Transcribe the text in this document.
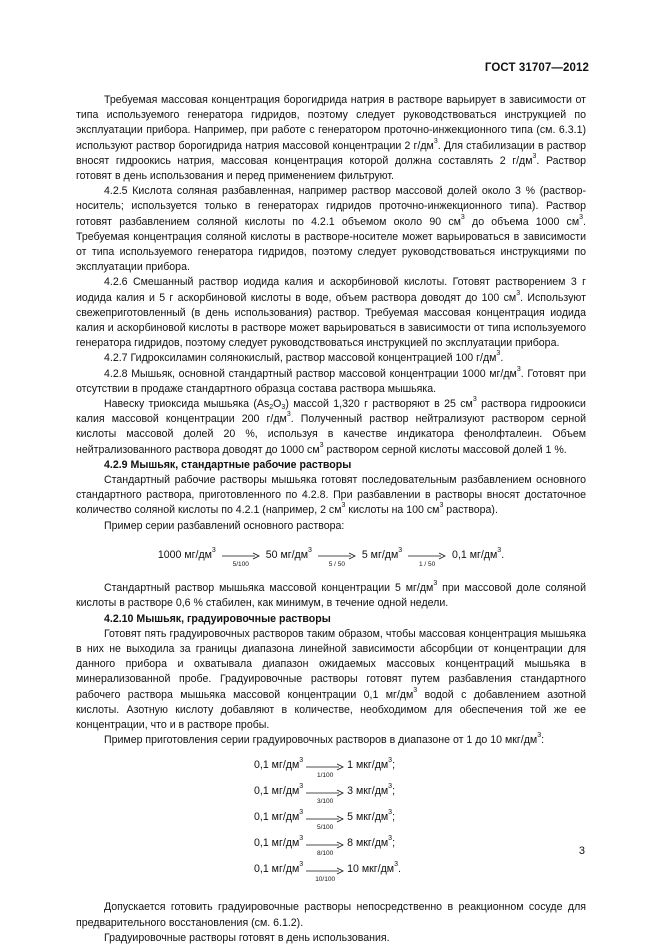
ГОСТ 31707—2012

Требуемая массовая концентрация борогидрида натрия в растворе варьирует в зависимости от типа используемого генератора гидридов, поэтому следует руководствоваться инструкцией по эксплуатации прибора. Например, при работе с генератором проточно-инжекционного типа (см. 6.3.1) используют раствор борогидрида натрия массовой концентрации 2 $г/дм^3$. Для стабилизации в раствор вносят гидроокись натрия, массовая концентрация которой должна составлять 2 $г/дм^3$. Раствор готовят в день использования и перед применением фильтруют.

4.2.5 Кислота соляная разбавленная, например раствор массовой долей около 3 % (раствор-носитель; используется только в генераторах гидридов проточно-инжекционного типа). Раствор готовят разбавлением соляной кислоты по 4.2.1 объемом около 90 $см^3$ до объема 1000 $см^3$. Требуемая концентрация соляной кислоты в растворе-носителе может варьироваться в зависимости от типа используемого генератора гидридов, поэтому следует руководствоваться инструкциями по эксплуатации прибора.

4.2.6 Смешанный раствор иодида калия и аскорбиновой кислоты. Готовят растворением 3 г иодида калия и 5 г аскорбиновой кислоты в воде, объем раствора доводят до 100 $см^3$. Используют свежеприготовленный (в день использования) раствор. Требуемая массовая концентрация иодида калия и аскорбиновой кислоты в растворе может варьироваться в зависимости от типа используемого генератора гидридов, поэтому следует руководствоваться инструкцией по эксплуатации прибора.

4.2.7 Гидроксиламин солянокислый, раствор массовой концентрацией 100 $г/дм^3$.

4.2.8 Мышьяк, основной стандартный раствор массовой концентрации 1000 $мг/дм^3$. Готовят при отсутствии в продаже стандартного образца состава раствора мышьяка.

Навеску триоксида мышьяка (As2O3) массой 1,320 г растворяют в 25 $см^3$ раствора гидроокиси калия массовой концентрации 200 $г/дм^3$. Полученный раствор нейтрализуют раствором серной кислоты массовой долей 20 %, используя в качестве индикатора фенолфталеин. Объем нейтрализованного раствора доводят до 1000 $см^3$ раствором серной кислоты массовой долей 1 %.

4.2.9 Мышьяк, стандартные рабочие растворы

Стандартный рабочие растворы мышьяка готовят последовательным разбавлением основного стандартного раствора, приготовленного по 4.2.8. При разбавлении в растворы вносят достаточное количество соляной кислоты по 4.2.1 (например, 2 $см^3$ кислоты на 100 $см^3$ раствора).

Пример серии разбавлений основного раствора:

1000 $мг/дм^3$
5/100
50 $мг/дм^3$
5 / 50
5 $мг/дм^3$
1 / 50
0,1 $мг/дм^3$.

Стандартный раствор мышьяка массовой концентрации 5 $мг/дм^3$ при массовой доле соляной кислоты в растворе 0,6 % стабилен, как минимум, в течение одной недели.

4.2.10 Мышьяк, градуировочные растворы

Готовят пять градуировочных растворов таким образом, чтобы массовая концентрация мышьяка в них не выходила за границы диапазона линейной зависимости абсорбции от концентрации для данного прибора и охватывала диапазон ожидаемых массовых концентраций мышьяка в минерализованной пробе. Градуировочные растворы готовят путем разбавления стандартного рабочего раствора мышьяка массовой концентрации 0,1 $мг/дм^3$ водой с добавлением азотной кислоты. Азотную кислоту добавляют в количестве, необходимом для обеспечения той же ее концентрации, что и в растворе пробы.

Пример приготовления серии градуировочных растворов в диапазоне от 1 до 10 мкг/$дм^3$:

0,1 $мг/дм^3$
1/100
1 мкг/$дм^3$;
0,1 $мг/дм^3$
3/100
3 мкг/$дм^3$;
0,1 $мг/дм^3$
5/100
5 мкг/$дм^3$;
0,1 $мг/дм^3$
8/100
8 мкг/$дм^3$;
0,1 $мг/дм^3$
10/100
10 мкг/$дм^3$.

Допускается готовить градуировочные растворы непосредственно в реакционном сосуде для предварительного восстановления (см. 6.1.2).

Градуировочные растворы готовят в день использования.

3
